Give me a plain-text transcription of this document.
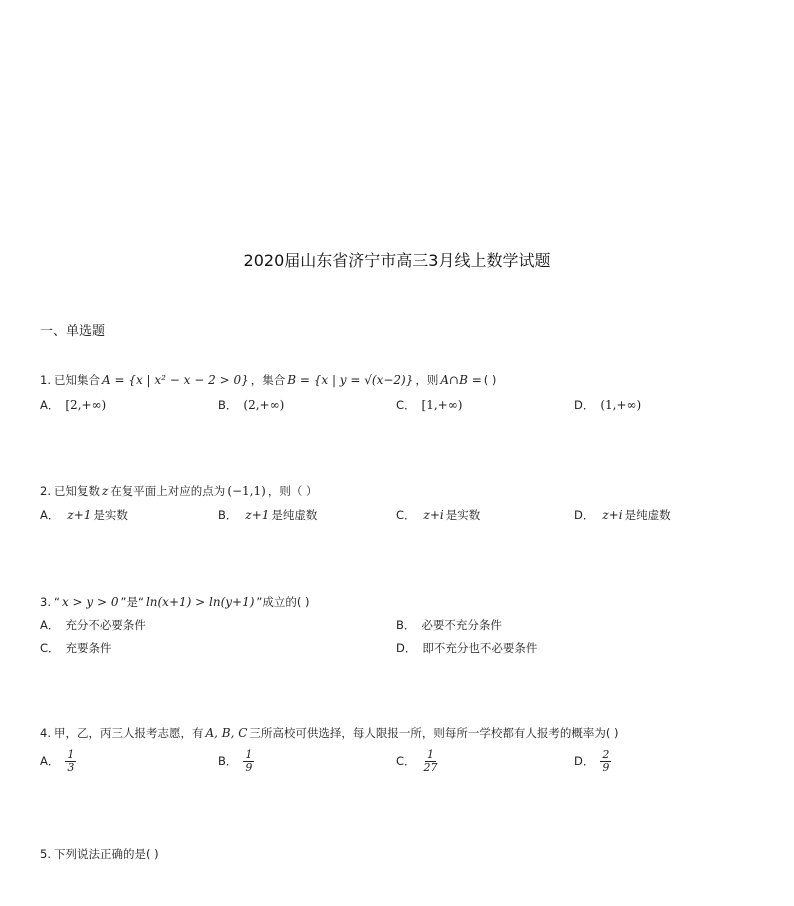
2020届山东省济宁市高三3月线上数学试题
一、单选题
1. 已知集合 A = {x | x² − x − 2 > 0} ，集合 B = {x | y = √(x−2)} ，则 A∩B = ( )
A． [2,+∞)	B． (2,+∞)	C． [1,+∞)	D． (1,+∞)
2. 已知复数 z 在复平面上对应的点为 (−1,1) ，则（ ）
A． z+1 是实数	B． z+1 是纯虚数	C． z+i 是实数	D． z+i 是纯虚数
3. “ x > y > 0 ”是“ ln(x+1) > ln(y+1) ”成立的( )
A． 充分不必要条件	B． 必要不充分条件
C． 充要条件	D． 即不充分也不必要条件
4. 甲，乙，丙三人报考志愿，有 A, B, C 三所高校可供选择，每人限报一所，则每所一学校都有人报考的概率为( )
A． $\frac{1}{3}$	B． $\frac{1}{9}$	C． $\frac{1}{27}$	D． $\frac{2}{9}$
5. 下列说法正确的是( )
